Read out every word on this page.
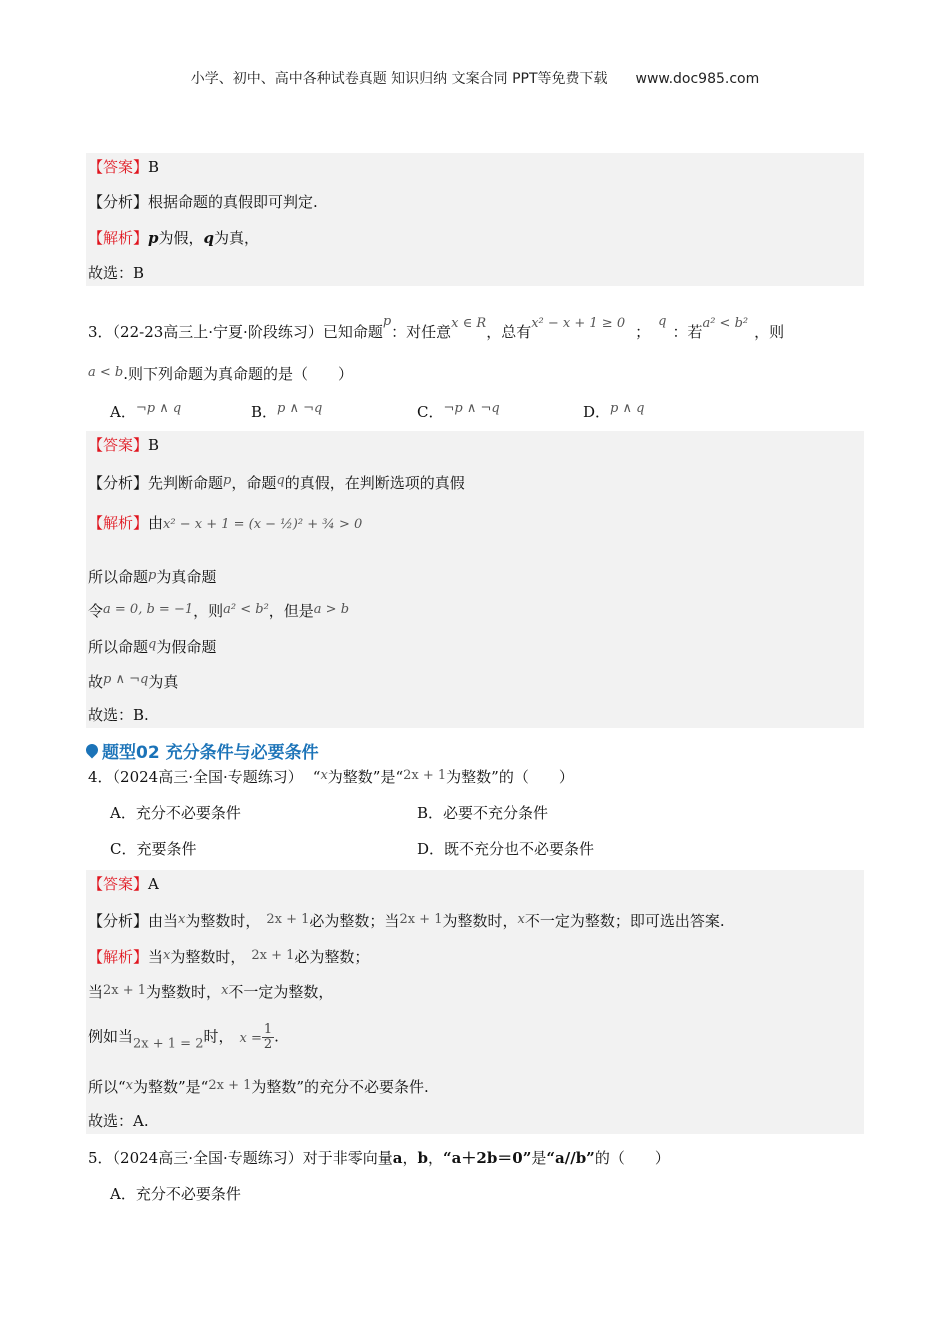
小学、初中、高中各种试卷真题 知识归纳 文案合同 PPT等免费下载 www.doc985.com
【答案】B
【分析】根据命题的真假即可判定.
【解析】p为假，q为真，
故选：B
3．（22-23高三上·宁夏·阶段练习）已知命题p：对任意x ∈ R，总有x² − x + 1 ≥ 0 ；q：若a² < b² ，则
a < b.则下列命题为真命题的是（　　）
A．¬p ∧ q	B．p ∧ ¬q	C．¬p ∧ ¬q	D．p ∧ q
【答案】B
【分析】先判断命题p，命题q的真假，在判断选项的真假
【解析】由x² − x + 1 = (x − ½)² + ¾ > 0
所以命题p为真命题
令a = 0, b = −1，则a² < b²，但是a > b
所以命题q为假命题
故p ∧ ¬q为真
故选：B.
题型02 充分条件与必要条件
4．（2024高三·全国·专题练习） “x为整数”是“2x + 1为整数”的（　　）
A．充分不必要条件	B．必要不充分条件
C．充要条件	D．既不充分也不必要条件
【答案】A
【分析】由当x为整数时， 2x + 1必为整数；当2x + 1为整数时，x不一定为整数；即可选出答案.
【解析】当x为整数时， 2x + 1必为整数；
当2x + 1为整数时，x不一定为整数，
例如当2x + 1 = 2时， $x = \frac{1}{2}$ .
所以“x为整数”是“2x + 1为整数”的充分不必要条件.
故选：A.
5．（2024高三·全国·专题练习）对于非零向量a，b，“a＋2b＝0”是“a//b”的（　　）
A．充分不必要条件
